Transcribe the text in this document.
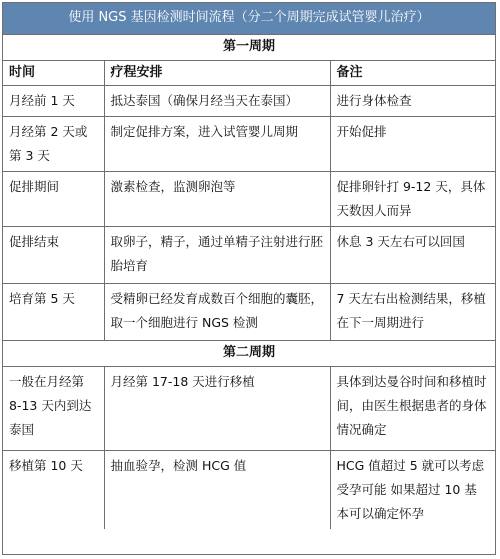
使用 NGS 基因检测时间流程（分二个周期完成试管婴儿治疗）		
第一周期		
时间	疗程安排	备注
月经前 1 天	抵达泰国（确保月经当天在泰国）	进行身体检查
月经第 2 天或第 3 天	制定促排方案，进入试管婴儿周期	开始促排
促排期间	激素检查，监测卵泡等	促排卵针打 9-12 天，具体天数因人而异
促排结束	取卵子，精子，通过单精子注射进行胚胎培育	休息 3 天左右可以回国
培育第 5 天	受精卵已经发育成数百个细胞的囊胚，取一个细胞进行 NGS 检测	7 天左右出检测结果，移植在下一周期进行
第二周期		
一般在月经第 8-13 天内到达泰国	月经第 17-18 天进行移植	具体到达曼谷时间和移植时间，由医生根据患者的身体情况确定
移植第 10 天	抽血验孕，检测 HCG 值	HCG 值超过 5 就可以考虑受孕可能 如果超过 10 基本可以确定怀孕
